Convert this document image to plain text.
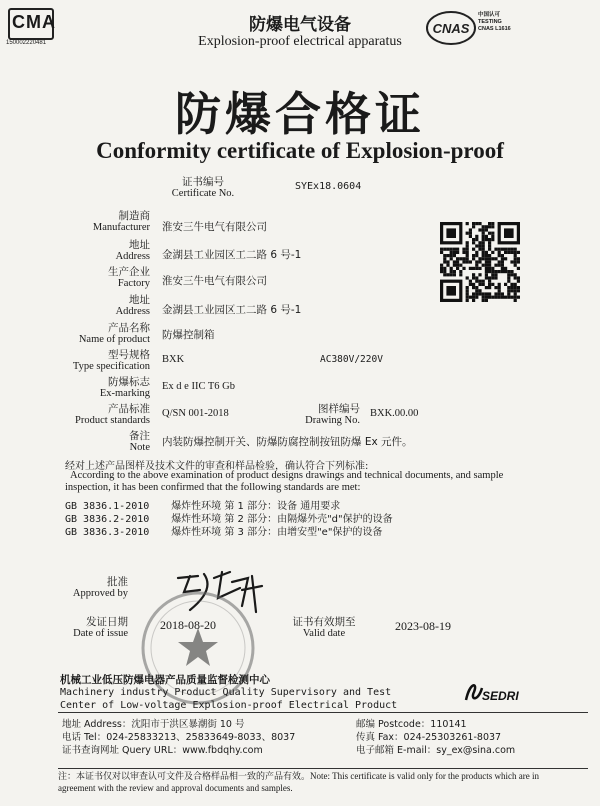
CMA
150002220481
防爆电气设备
Explosion-proof electrical apparatus
CNAS
中国认可
TESTING
CNAS L1616
防爆合格证
Conformity certificate of Explosion-proof
证书编号
Certificate No.
SYEx18.0604
制造商
Manufacturer 淮安三牛电气有限公司
地址
Address 金湖县工业园区工二路 6 号-1
生产企业
Factory 淮安三牛电气有限公司
地址
Address 金湖县工业园区工二路 6 号-1
产品名称
Name of product 防爆控制箱
型号规格
Type specification
BXK	AC380V/220V
防爆标志
Ex-marking
Ex d e IIC T6 Gb
产品标准
Product standards
Q/SN 001-2018	图样编号
Drawing No.
BXK.00.00
备注
Note 内装防爆控制开关、防爆防腐控制按钮防爆 Ex 元件。
经对上述产品图样及技术文件的审查和样品检验，确认符合下列标准:
According to the above examination of product designs drawings and technical documents, and sample
inspection, it has been confirmed that the following standards are met:
GB 3836.1-2010 爆炸性环境 第 1 部分：设备 通用要求
GB 3836.2-2010 爆炸性环境 第 2 部分：由隔爆外壳"d"保护的设备
GB 3836.3-2010 爆炸性环境 第 3 部分：由增安型"e"保护的设备
批准
Approved by
发证日期
Date of issue
2018-08-20	证书有效期至
Valid date
2023-08-19
机械工业低压防爆电器产品质量监督检测中心
Machinery industry Product Quality Supervisory and Test
Center of Low-voltage Explosion-proof Electrical Product
SEDRI
地址 Address：沈阳市于洪区暴潮街 10 号
电话 Tel：024-25833213、25833649-8033、8037
证书查询网址 Query URL：www.fbdqhy.com
邮编 Postcode：110141
传真 Fax：024-25303261-8037
电子邮箱 E-mail：sy_ex@sina.com
注：本证书仅对以审查认可文件及合格样品相一致的产品有效。Note: This certificate is valid only for the products which are in
agreement with the review and approval documents and samples.
